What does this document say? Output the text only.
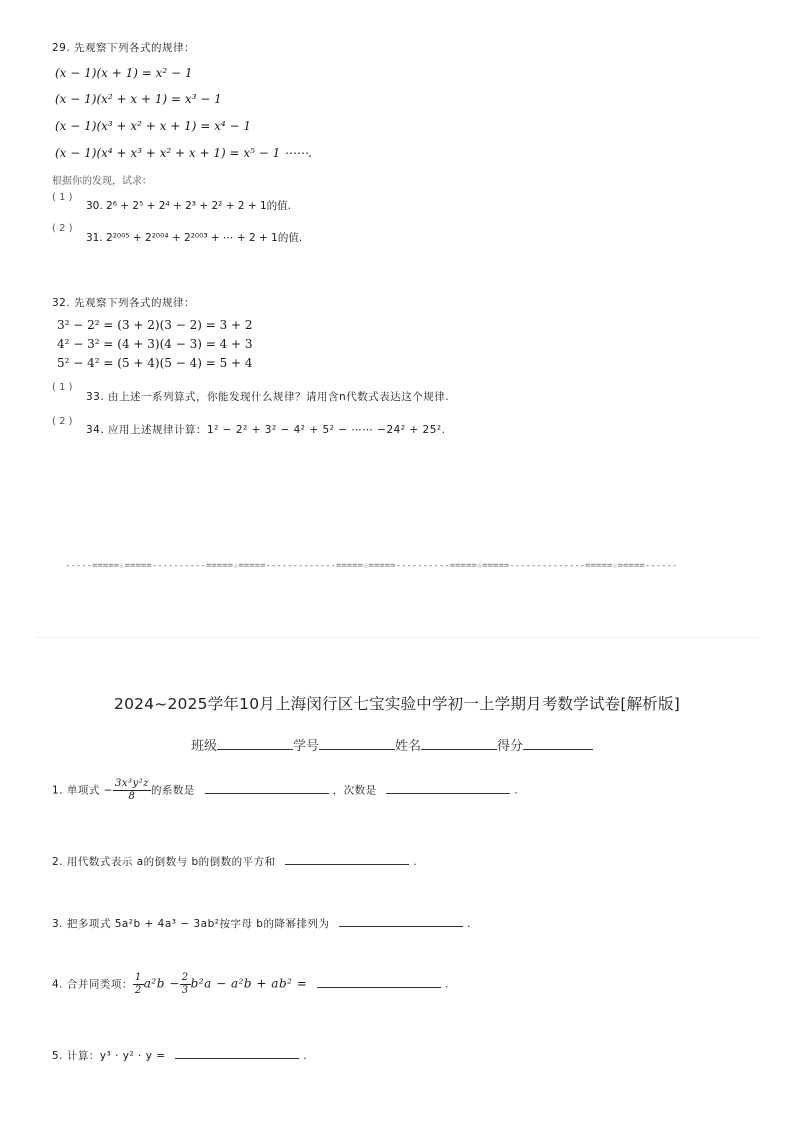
29. 先观察下列各式的规律：
(x − 1)(x + 1) = x² − 1
(x − 1)(x² + x + 1) = x³ − 1
(x − 1)(x³ + x² + x + 1) = x⁴ − 1
(x − 1)(x⁴ + x³ + x² + x + 1) = x⁵ − 1 ⋯⋯.
根据你的发现，试求：
( 1 )
30. 2⁶ + 2⁵ + 2⁴ + 2³ + 2² + 2 + 1的值.
( 2 )
31. 2²⁰⁰⁵ + 2²⁰⁰⁴ + 2²⁰⁰³ + ⋯ + 2 + 1的值.
32. 先观察下列各式的规律：
3² − 2² = (3 + 2)(3 − 2) = 3 + 2
4² − 3² = (4 + 3)(4 − 3) = 4 + 3
5² − 4² = (5 + 4)(5 − 4) = 5 + 4
( 1 )
33. 由上述一系列算式，你能发现什么规律？请用含n代数式表达这个规律.
( 2 )
34. 应用上述规律计算：1² − 2² + 3² − 4² + 5² − ⋯⋯ −24² + 25².
-----=====☆=====----------=====☆=====-------------=====☆=====----------=====☆=====--------------=====☆=====------
2024~2025学年10月上海闵行区七宝实验中学初一上学期月考数学试卷[解析版]
班级	学号	姓名	得分
1. 单项式 − $\frac{\text{3x³y²z}}{8}$ 的系数是	，次数是	.
2. 用代数式表示 a的倒数与 b的倒数的平方和	.
3. 把多项式 5a²b + 4a³ − 3ab²按字母 b的降幂排列为	.
4. 合并同类项： $\frac{1}{2} a^2b - \frac{2}{3} b^2a - a^2b + ab^2$ =	.
5. 计算：y³ · y² · y =	.
